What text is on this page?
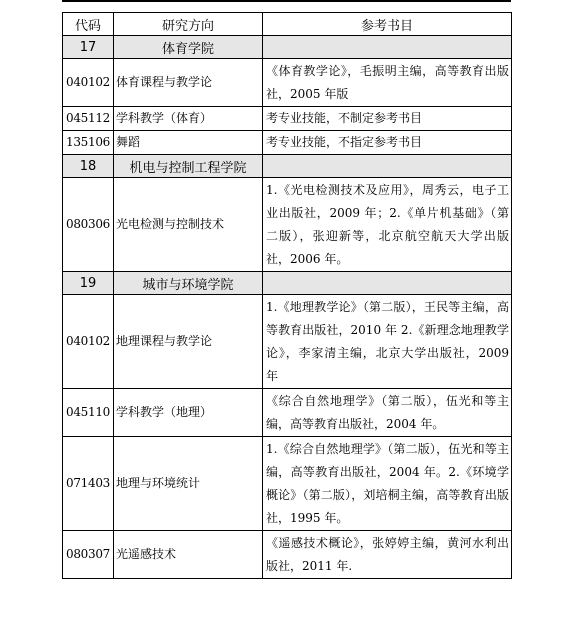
代码	研究方向	参考书目
17	体育学院	
040102	体育课程与教学论	《体育教学论》，毛振明主编，高等教育出版社，2005 年版
045112	学科教学（体育）	考专业技能，不制定参考书目
135106	舞蹈	考专业技能，不指定参考书目
18	机电与控制工程学院	
080306	光电检测与控制技术	1.《光电检测技术及应用》，周秀云，电子工业出版社，2009 年；2.《单片机基础》（第二版），张迎新等，北京航空航天大学出版社，2006 年。
19	城市与环境学院	
040102	地理课程与教学论	1.《地理教学论》（第二版），王民等主编，高等教育出版社，2010 年 2.《新理念地理教学论》，李家清主编，北京大学出版社，2009 年
045110	学科教学（地理）	《综合自然地理学》（第二版），伍光和等主编，高等教育出版社，2004 年。
071403	地理与环境统计	1.《综合自然地理学》（第二版），伍光和等主编，高等教育出版社，2004 年。2.《环境学概论》（第二版），刘培桐主编，高等教育出版社，1995 年。
080307	光遥感技术	《遥感技术概论》，张婷婷主编，黄河水利出版社，2011 年.
